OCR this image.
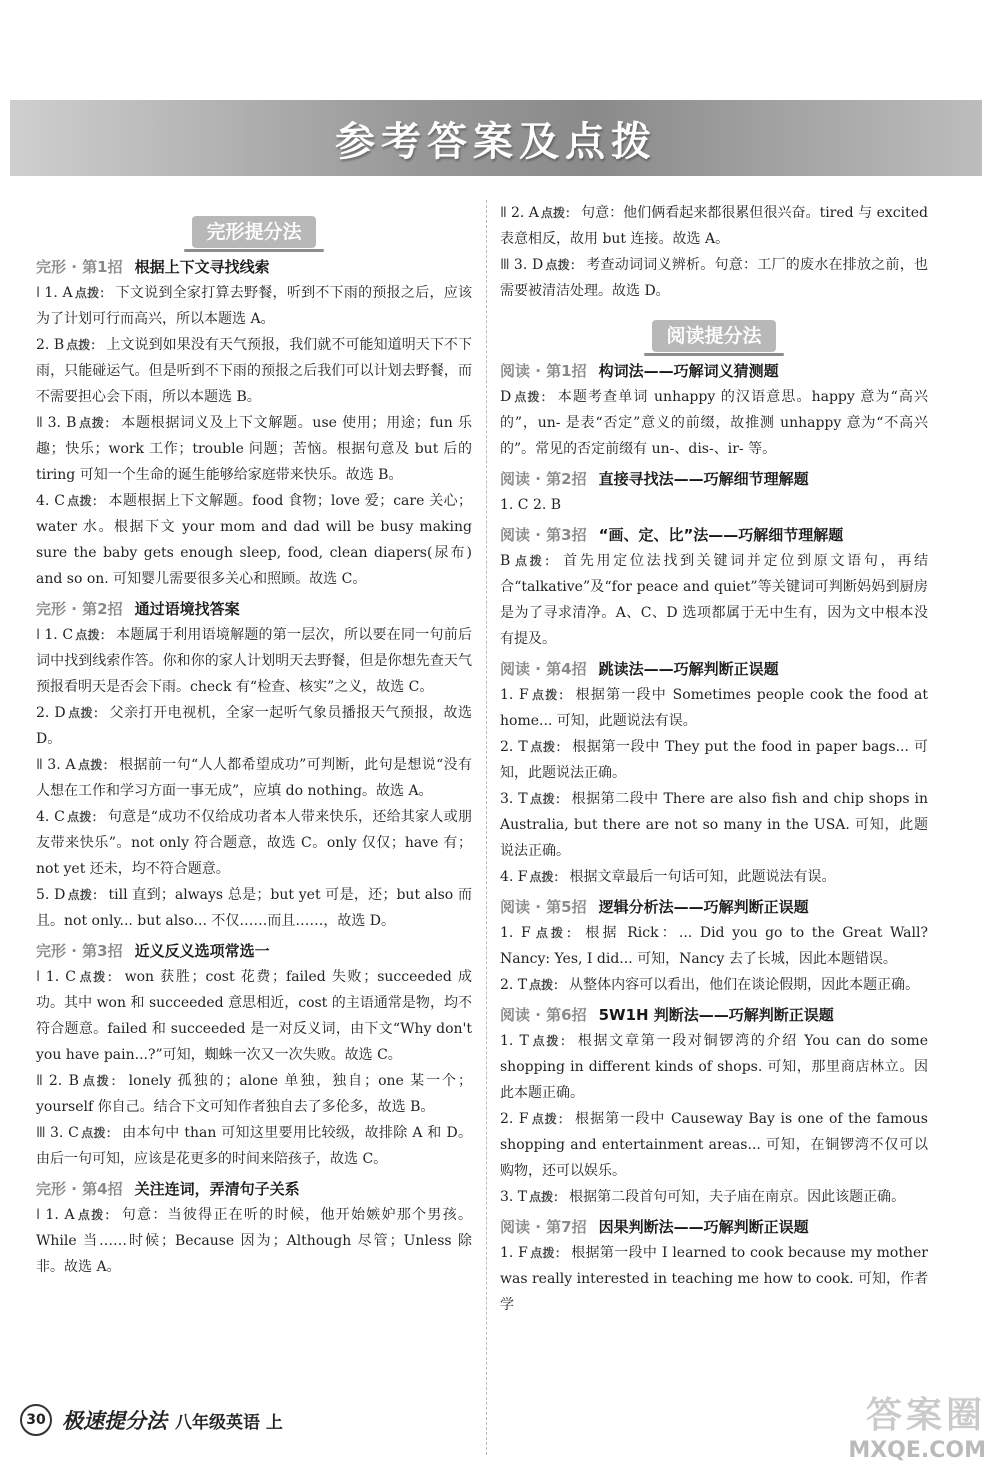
参考答案及点拨
完形提分法
完形 · 第1招 根据上下文寻找线索

Ⅰ 1. A 点拨： 下文说到全家打算去野餐，听到不下雨的预报之后，应该为了计划可行而高兴，所以本题选 A。

2. B 点拨： 上文说到如果没有天气预报，我们就不可能知道明天下不下雨，只能碰运气。但是听到不下雨的预报之后我们可以计划去野餐，而不需要担心会下雨，所以本题选 B。

Ⅱ 3. B 点拨： 本题根据词义及上下文解题。use 使用；用途；fun 乐趣；快乐；work 工作；trouble 问题；苦恼。根据句意及 but 后的 tiring 可知一个生命的诞生能够给家庭带来快乐。故选 B。

4. C 点拨： 本题根据上下文解题。food 食物；love 爱；care 关心；water 水。根据下文 your mom and dad will be busy making sure the baby gets enough sleep, food, clean diapers(尿布) and so on. 可知婴儿需要很多关心和照顾。故选 C。

完形 · 第2招 通过语境找答案

Ⅰ 1. C 点拨： 本题属于利用语境解题的第一层次，所以要在同一句前后词中找到线索作答。你和你的家人计划明天去野餐，但是你想先查天气预报看明天是否会下雨。check 有“检查、核实”之义，故选 C。

2. D 点拨： 父亲打开电视机，全家一起听气象员播报天气预报，故选 D。

Ⅱ 3. A 点拨： 根据前一句“人人都希望成功”可判断，此句是想说“没有人想在工作和学习方面一事无成”，应填 do nothing。故选 A。

4. C 点拨： 句意是“成功不仅给成功者本人带来快乐，还给其家人或朋友带来快乐”。not only 符合题意，故选 C。only 仅仅；have 有；not yet 还未，均不符合题意。

5. D 点拨： till 直到；always 总是；but yet 可是，还；but also 而且。not only... but also... 不仅……而且……，故选 D。

完形 · 第3招 近义反义选项常选一

Ⅰ 1. C 点拨： won 获胜；cost 花费；failed 失败；succeeded 成功。其中 won 和 succeeded 意思相近，cost 的主语通常是物，均不符合题意。failed 和 succeeded 是一对反义词，由下文“Why don't you have pain...?”可知，蜘蛛一次又一次失败。故选 C。

Ⅱ 2. B 点拨： lonely 孤独的；alone 单独，独自；one 某一个；yourself 你自己。结合下文可知作者独自去了多伦多，故选 B。

Ⅲ 3. C 点拨： 由本句中 than 可知这里要用比较级，故排除 A 和 D。由后一句可知，应该是花更多的时间来陪孩子，故选 C。

完形 · 第4招 关注连词，弄清句子关系

Ⅰ 1. A 点拨： 句意：当彼得正在听的时候，他开始嫉妒那个男孩。While 当……时候；Because 因为；Although 尽管；Unless 除非。故选 A。

Ⅱ 2. A 点拨： 句意：他们俩看起来都很累但很兴奋。tired 与 excited 表意相反，故用 but 连接。故选 A。

Ⅲ 3. D 点拨： 考查动词词义辨析。句意：工厂的废水在排放之前，也需要被清洁处理。故选 D。

阅读提分法
阅读 · 第1招 构词法——巧解词义猜测题

D 点拨： 本题考查单词 unhappy 的汉语意思。happy 意为“高兴的”，un- 是表“否定”意义的前缀，故推测 unhappy 意为“不高兴的”。常见的否定前缀有 un-、dis-、ir- 等。

阅读 · 第2招 直接寻找法——巧解细节理解题

1. C 2. B

阅读 · 第3招 “画、定、比”法——巧解细节理解题

B 点拨： 首先用定位法找到关键词并定位到原文语句，再结合“talkative”及“for peace and quiet”等关键词可判断妈妈到厨房是为了寻求清净。A、C、D 选项都属于无中生有，因为文中根本没有提及。

阅读 · 第4招 跳读法——巧解判断正误题

1. F 点拨： 根据第一段中 Sometimes people cook the food at home... 可知，此题说法有误。

2. T 点拨： 根据第一段中 They put the food in paper bags... 可知，此题说法正确。

3. T 点拨： 根据第二段中 There are also fish and chip shops in Australia, but there are not so many in the USA. 可知，此题说法正确。

4. F 点拨： 根据文章最后一句话可知，此题说法有误。

阅读 · 第5招 逻辑分析法——巧解判断正误题

1. F 点拨： 根据 Rick：... Did you go to the Great Wall? Nancy: Yes, I did... 可知，Nancy 去了长城，因此本题错误。

2. T 点拨： 从整体内容可以看出，他们在谈论假期，因此本题正确。

阅读 · 第6招 5W1H 判断法——巧解判断正误题

1. T 点拨： 根据文章第一段对铜锣湾的介绍 You can do some shopping in different kinds of shops. 可知，那里商店林立。因此本题正确。

2. F 点拨： 根据第一段中 Causeway Bay is one of the famous shopping and entertainment areas... 可知，在铜锣湾不仅可以购物，还可以娱乐。

3. T 点拨： 根据第二段首句可知，夫子庙在南京。因此该题正确。

阅读 · 第7招 因果判断法——巧解判断正误题

1. F 点拨： 根据第一段中 I learned to cook because my mother was really interested in teaching me how to cook. 可知，作者学

30 极速提分法 八年级英语 上	答案圈
MXQE.COM
